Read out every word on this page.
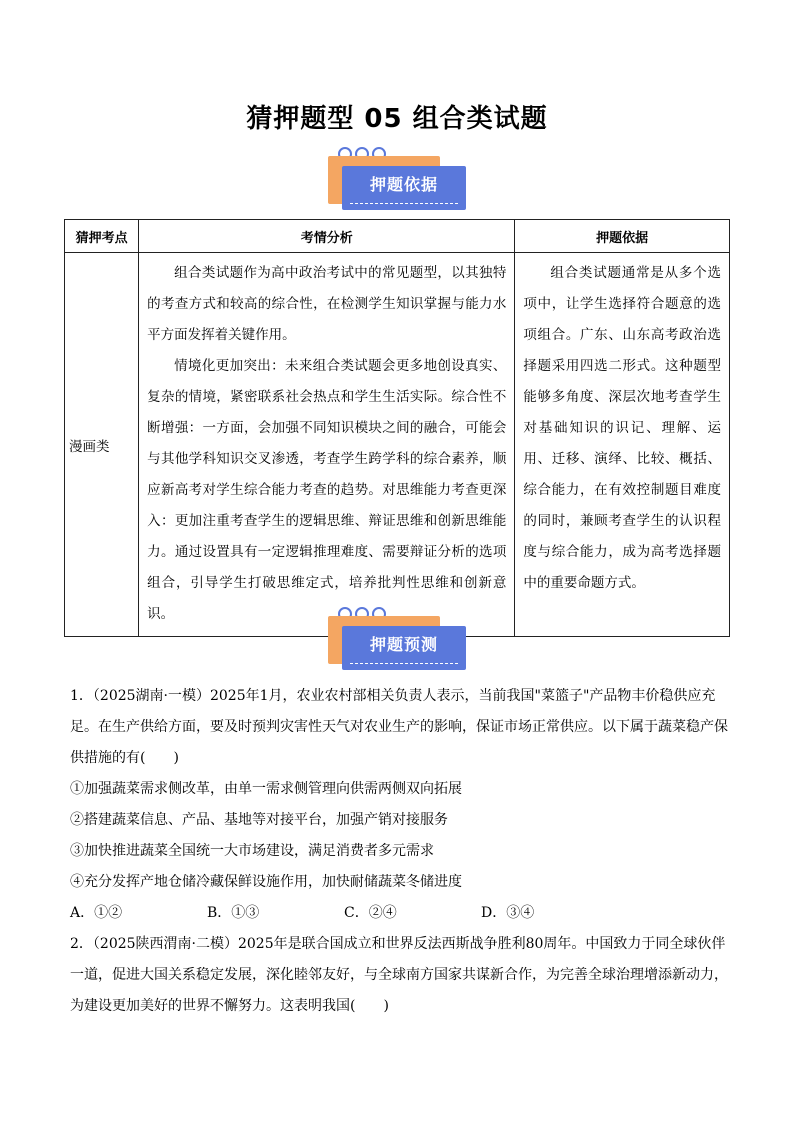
猜押题型 05 组合类试题
押题依据
猜押考点	考情分析	押题依据
漫画类	组合类试题作为高中政治考试中的常见题型，以其独特的考查方式和较高的综合性，在检测学生知识掌握与能力水平方面发挥着关键作用。

情境化更加突出：未来组合类试题会更多地创设真实、复杂的情境，紧密联系社会热点和学生生活实际。综合性不断增强：一方面，会加强不同知识模块之间的融合，可能会与其他学科知识交叉渗透，考查学生跨学科的综合素养，顺应新高考对学生综合能力考查的趋势。对思维能力考查更深入：更加注重考查学生的逻辑思维、辩证思维和创新思维能力。通过设置具有一定逻辑推理难度、需要辩证分析的选项组合，引导学生打破思维定式，培养批判性思维和创新意识。	组合类试题通常是从多个选项中，让学生选择符合题意的选项组合。广东、山东高考政治选择题采用四选二形式。这种题型能够多角度、深层次地考查学生对基础知识的识记、理解、运用、迁移、演绎、比较、概括、综合能力，在有效控制题目难度的同时，兼顾考查学生的认识程度与综合能力，成为高考选择题中的重要命题方式。

押题预测

1．（2025湖南·一模）2025年1月，农业农村部相关负责人表示，当前我国"菜篮子"产品物丰价稳供应充足。在生产供给方面，要及时预判灾害性天气对农业生产的影响，保证市场正常供应。以下属于蔬菜稳产保供措施的有(　　)

①加强蔬菜需求侧改革，由单一需求侧管理向供需两侧双向拓展

②搭建蔬菜信息、产品、基地等对接平台，加强产销对接服务

③加快推进蔬菜全国统一大市场建设，满足消费者多元需求

④充分发挥产地仓储冷藏保鲜设施作用，加快耐储蔬菜冬储进度

A．①②	B．①③	C．②④	D．③④

2．（2025陕西渭南·二模）2025年是联合国成立和世界反法西斯战争胜利80周年。中国致力于同全球伙伴一道，促进大国关系稳定发展，深化睦邻友好，与全球南方国家共谋新合作，为完善全球治理增添新动力，为建设更加美好的世界不懈努力。这表明我国(　　)
